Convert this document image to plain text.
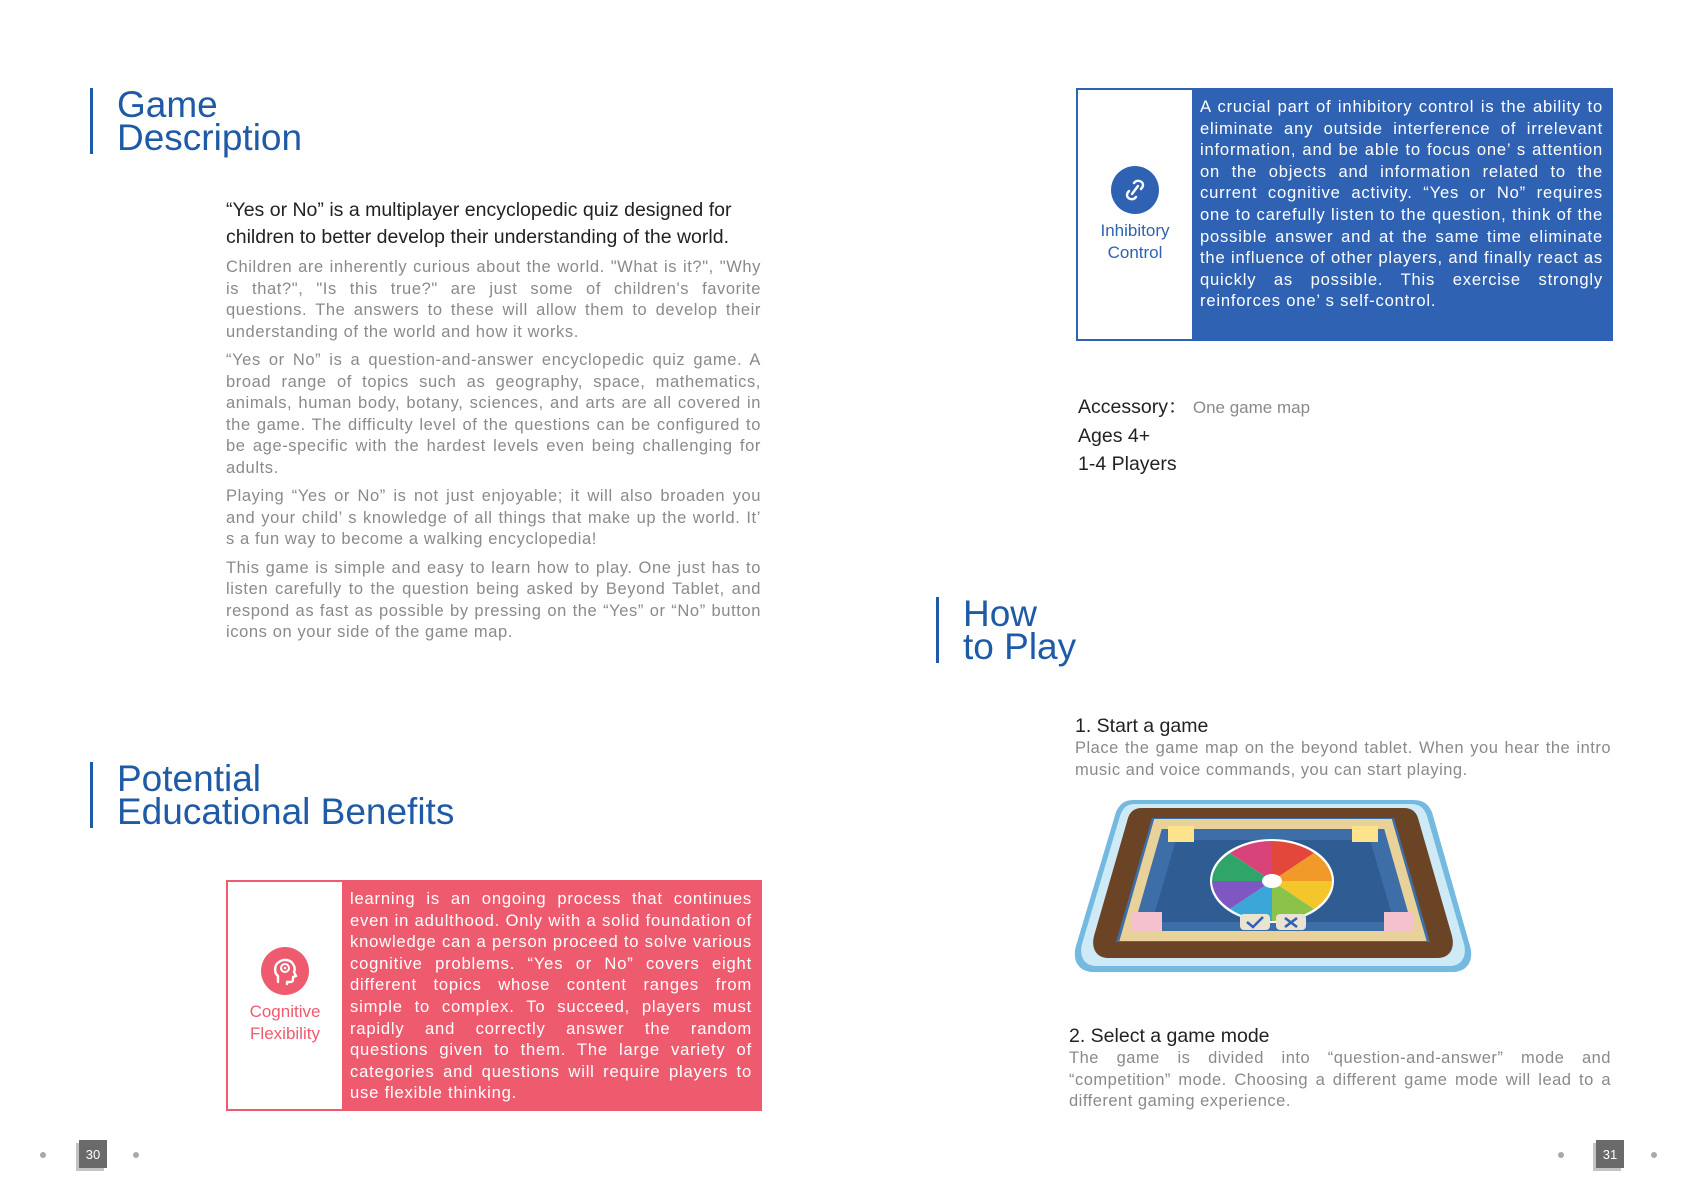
Game
Description
“Yes or No” is a multiplayer encyclopedic quiz designed for children to better develop their understanding of the world.

Children are inherently curious about the world. "What is it?", "Why is that?", "Is this true?" are just some of children's favorite questions. The answers to these will allow them to develop their understanding of the world and how it works.

“Yes or No” is a question-and-answer encyclopedic quiz game. A broad range of topics such as geography, space, mathematics, animals, human body, botany, sciences, and arts are all covered in the game. The difficulty level of the questions can be configured to be age-specific with the hardest levels even being challenging for adults.

Playing “Yes or No” is not just enjoyable; it will also broaden you and your child’ s knowledge of all things that make up the world. It’ s a fun way to become a walking encyclopedia!

This game is simple and easy to learn how to play. One just has to listen carefully to the question being asked by Beyond Tablet, and respond as fast as possible by pressing on the “Yes” or “No” button icons on your side of the game map.

Potential
Educational Benefits
Cognitive
Flexibility
learning is an ongoing process that continues even in adulthood. Only with a solid foundation of knowledge can a person proceed to solve various cognitive problems. “Yes or No” covers eight different topics whose content ranges from simple to complex. To succeed, players must rapidly and correctly answer the random questions given to them. The large variety of categories and questions will require players to use flexible thinking.
30
Inhibitory
Control
A crucial part of inhibitory control is the ability to eliminate any outside interference of irrelevant information, and be able to focus one’ s attention on the objects and information related to the current cognitive activity. “Yes or No” requires one to carefully listen to the question, think of the possible answer and at the same time eliminate the influence of other players, and finally react as quickly as possible. This exercise strongly reinforces one’ s self-control.
Accessory： One game map
Ages 4+
1-4 Players
How
to Play
1. Start a game
Place the game map on the beyond tablet. When you hear the intro music and voice commands, you can start playing.
2. Select a game mode
The game is divided into “question-and-answer” mode and “competition” mode. Choosing a different game mode will lead to a different gaming experience.
31
